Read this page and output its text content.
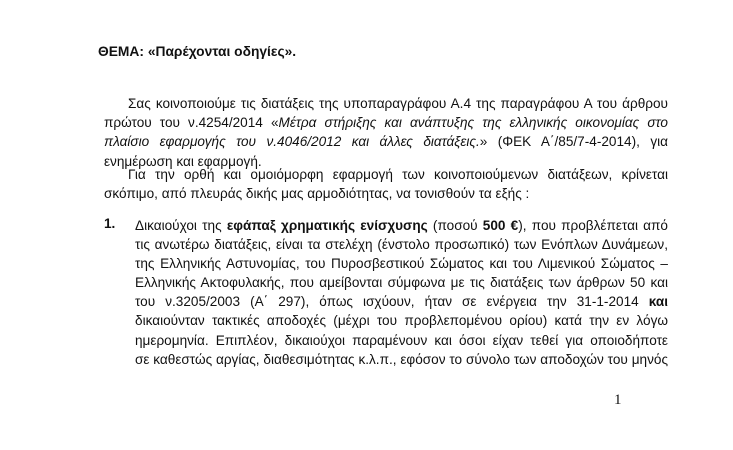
ΘΕΜΑ: «Παρέχονται οδηγίες».
Σας κοινοποιούμε τις διατάξεις της υποπαραγράφου Α.4 της παραγράφου Α του άρθρου
πρώτου του ν.4254/2014 «Μέτρα στήριξης και ανάπτυξης της ελληνικής οικονομίας στο
πλαίσιο εφαρμογής του ν.4046/2012 και άλλες διατάξεις.» (ΦΕΚ Α΄/85/7-4-2014), για
ενημέρωση και εφαρμογή.
Για την ορθή και ομοιόμορφη εφαρμογή των κοινοποιούμενων διατάξεων, κρίνεται
σκόπιμο, από πλευράς δικής μας αρμοδιότητας, να τονισθούν τα εξής :
1.	Δικαιούχοι της εφάπαξ χρηματικής ενίσχυσης (ποσού 500 €), που προβλέπεται από
τις ανωτέρω διατάξεις, είναι τα στελέχη (ένστολο προσωπικό) των Ενόπλων Δυνάμεων,
της Ελληνικής Αστυνομίας, του Πυροσβεστικού Σώματος και του Λιμενικού Σώματος –
Ελληνικής Ακτοφυλακής, που αμείβονται σύμφωνα με τις διατάξεις των άρθρων 50 και
του ν.3205/2003 (Α΄ 297), όπως ισχύουν, ήταν σε ενέργεια την 31-1-2014 και
δικαιούνταν τακτικές αποδοχές (μέχρι του προβλεπομένου ορίου) κατά την εν λόγω
ημερομηνία. Επιπλέον, δικαιούχοι παραμένουν και όσοι είχαν τεθεί για οποιοδήποτε
σε καθεστώς αργίας, διαθεσιμότητας κ.λ.π., εφόσον το σύνολο των αποδοχών του μηνός
1
